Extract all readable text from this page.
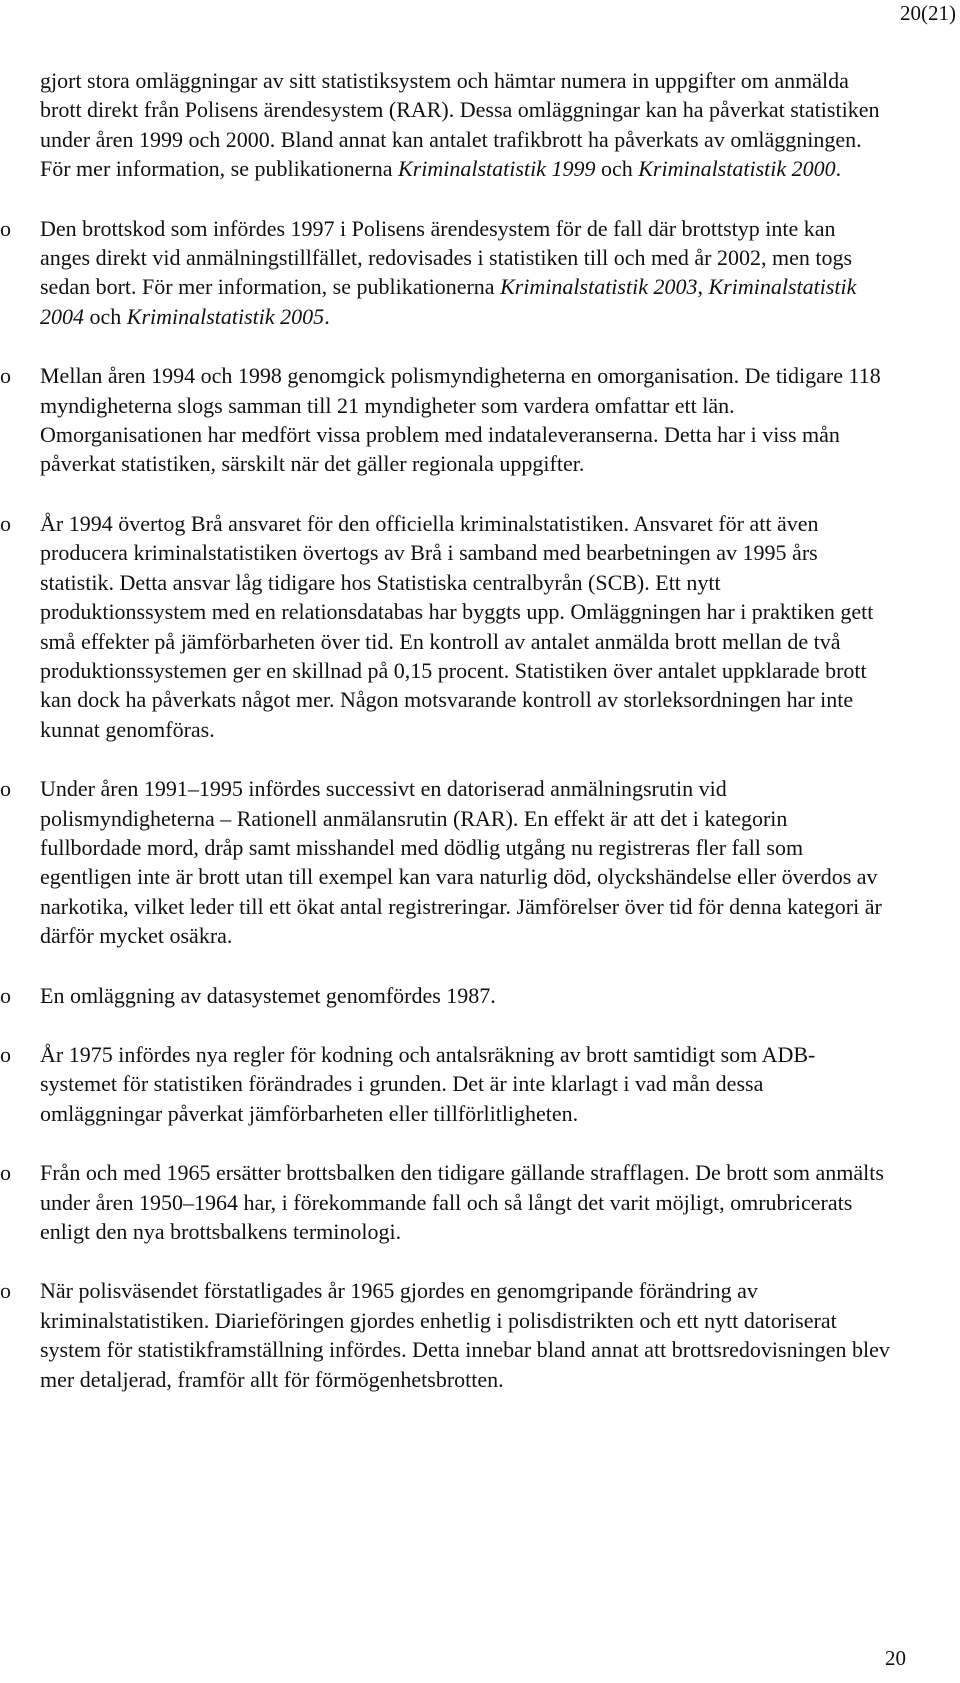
20(21)

gjort stora omläggningar av sitt statistiksystem och hämtar numera in uppgifter om anmälda brott direkt från Polisens ärendesystem (RAR). Dessa omläggningar kan ha påverkat statistiken under åren 1999 och 2000. Bland annat kan antalet trafikbrott ha påverkats av omläggningen. För mer information, se publikationerna Kriminalstatistik 1999 och Kriminalstatistik 2000.

o Den brottskod som infördes 1997 i Polisens ärendesystem för de fall där brottstyp inte kan anges direkt vid anmälningstillfället, redovisades i statistiken till och med år 2002, men togs sedan bort. För mer information, se publikationerna Kriminalstatistik 2003, Kriminalstatistik 2004 och Kriminalstatistik 2005.

o Mellan åren 1994 och 1998 genomgick polismyndigheterna en omorganisation. De tidigare 118 myndigheterna slogs samman till 21 myndigheter som vardera omfattar ett län. Omorganisationen har medfört vissa problem med indataleveranserna. Detta har i viss mån påverkat statistiken, särskilt när det gäller regionala uppgifter.

o År 1994 övertog Brå ansvaret för den officiella kriminalstatistiken. Ansvaret för att även producera kriminalstatistiken övertogs av Brå i samband med bearbetningen av 1995 års statistik. Detta ansvar låg tidigare hos Statistiska centralbyrån (SCB). Ett nytt produktionssystem med en relationsdatabas har byggts upp. Omläggningen har i praktiken gett små effekter på jämförbarheten över tid. En kontroll av antalet anmälda brott mellan de två produktionssystemen ger en skillnad på 0,15 procent. Statistiken över antalet uppklarade brott kan dock ha påverkats något mer. Någon motsvarande kontroll av storleksordningen har inte kunnat genomföras.

o Under åren 1991–1995 infördes successivt en datoriserad anmälningsrutin vid polismyndigheterna – Rationell anmälansrutin (RAR). En effekt är att det i kategorin fullbordade mord, dråp samt misshandel med dödlig utgång nu registreras fler fall som egentligen inte är brott utan till exempel kan vara naturlig död, olyckshändelse eller överdos av narkotika, vilket leder till ett ökat antal registreringar. Jämförelser över tid för denna kategori är därför mycket osäkra.

o En omläggning av datasystemet genomfördes 1987.

o År 1975 infördes nya regler för kodning och antalsräkning av brott samtidigt som ADB-systemet för statistiken förändrades i grunden. Det är inte klarlagt i vad mån dessa omläggningar påverkat jämförbarheten eller tillförlitligheten.

o Från och med 1965 ersätter brottsbalken den tidigare gällande strafflagen. De brott som anmälts under åren 1950–1964 har, i förekommande fall och så långt det varit möjligt, omrubricerats enligt den nya brottsbalkens terminologi.

o När polisväsendet förstatligades år 1965 gjordes en genomgripande förändring av kriminalstatistiken. Diarieföringen gjordes enhetlig i polisdistrikten och ett nytt datoriserat system för statistikframställning infördes. Detta innebar bland annat att brottsredovisningen blev mer detaljerad, framför allt för förmögenhetsbrotten.

20
